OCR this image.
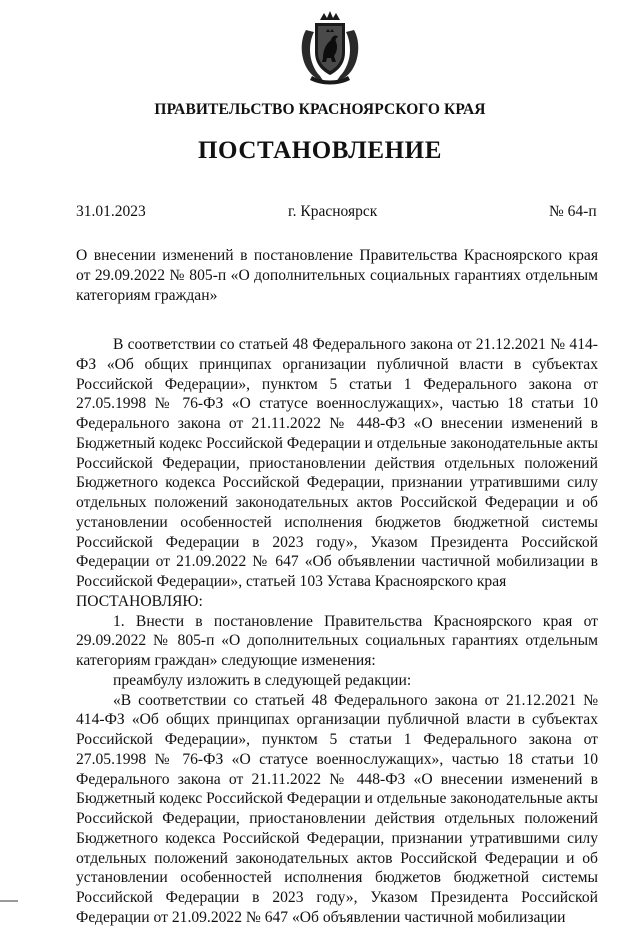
ПРАВИТЕЛЬСТВО КРАСНОЯРСКОГО КРАЯ
ПОСТАНОВЛЕНИЕ
31.01.2023	г. Красноярск	№ 64-п
О внесении изменений в постановление Правительства Красноярского края от 29.09.2022 № 805-п «О дополнительных социальных гарантиях отдельным категориям граждан»

В соответствии со статьей 48 Федерального закона от 21.12.2021 № 414-ФЗ «Об общих принципах организации публичной власти в субъектах Российской Федерации», пунктом 5 статьи 1 Федерального закона от 27.05.1998 № 76-ФЗ «О статусе военнослужащих», частью 18 статьи 10 Федерального закона от 21.11.2022 № 448-ФЗ «О внесении изменений в Бюджетный кодекс Российской Федерации и отдельные законодательные акты Российской Федерации, приостановлении действия отдельных положений Бюджетного кодекса Российской Федерации, признании утратившими силу отдельных положений законодательных актов Российской Федерации и об установлении особенностей исполнения бюджетов бюджетной системы Российской Федерации в 2023 году», Указом Президента Российской Федерации от 21.09.2022 № 647 «Об объявлении частичной мобилизации в Российской Федерации», статьей 103 Устава Красноярского края

ПОСТАНОВЛЯЮ:

1. Внести в постановление Правительства Красноярского края от 29.09.2022 № 805-п «О дополнительных социальных гарантиях отдельным категориям граждан» следующие изменения:

преамбулу изложить в следующей редакции:

«В соответствии со статьей 48 Федерального закона от 21.12.2021 № 414-ФЗ «Об общих принципах организации публичной власти в субъектах Российской Федерации», пунктом 5 статьи 1 Федерального закона от 27.05.1998 № 76-ФЗ «О статусе военнослужащих», частью 18 статьи 10 Федерального закона от 21.11.2022 № 448-ФЗ «О внесении изменений в Бюджетный кодекс Российской Федерации и отдельные законодательные акты Российской Федерации, приостановлении действия отдельных положений Бюджетного кодекса Российской Федерации, признании утратившими силу отдельных положений законодательных актов Российской Федерации и об установлении особенностей исполнения бюджетов бюджетной системы Российской Федерации в 2023 году», Указом Президента Российской Федерации от 21.09.2022 № 647 «Об объявлении частичной мобилизации
